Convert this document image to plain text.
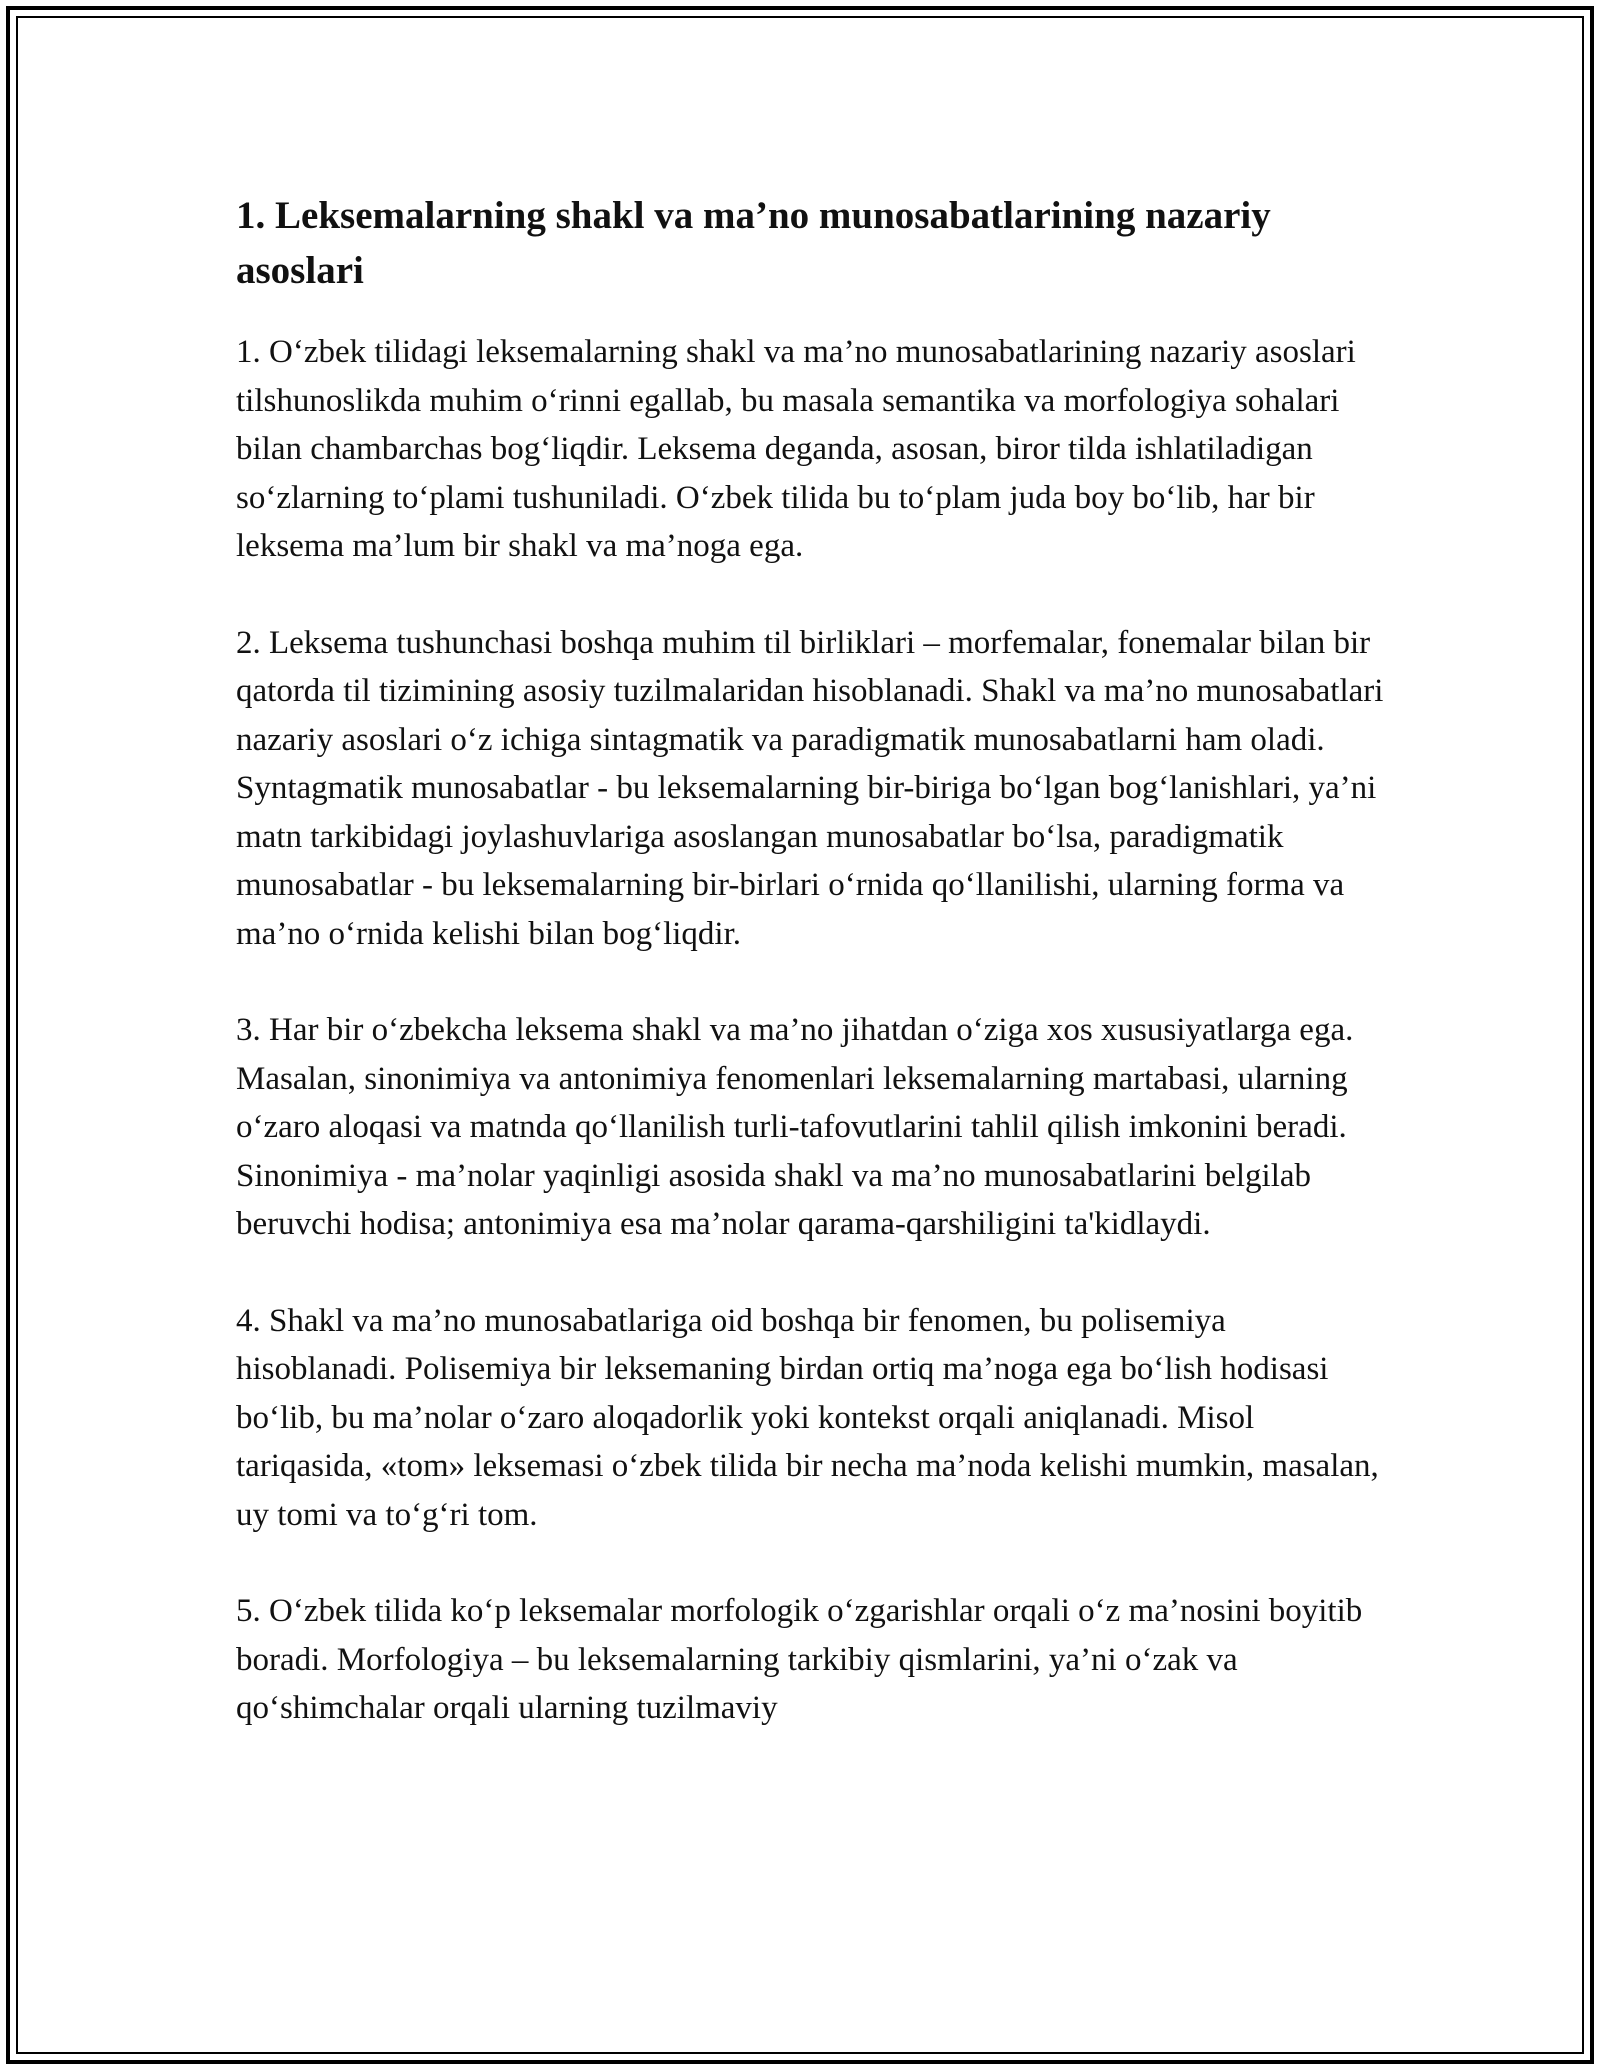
1. Leksemalarning shakl va ma’no munosabatlarining nazariy asoslari

1. O‘zbek tilidagi leksemalarning shakl va ma’no munosabatlarining nazariy asoslari tilshunoslikda muhim o‘rinni egallab, bu masala semantika va morfologiya sohalari bilan chambarchas bog‘liqdir. Leksema deganda, asosan, biror tilda ishlatiladigan so‘zlarning to‘plami tushuniladi. O‘zbek tilida bu to‘plam juda boy bo‘lib, har bir leksema ma’lum bir shakl va ma’noga ega.

2. Leksema tushunchasi boshqa muhim til birliklari – morfemalar, fonemalar bilan bir qatorda til tizimining asosiy tuzilmalaridan hisoblanadi. Shakl va ma’no munosabatlari nazariy asoslari o‘z ichiga sintagmatik va paradigmatik munosabatlarni ham oladi. Syntagmatik munosabatlar - bu leksemalarning bir-biriga bo‘lgan bog‘lanishlari, ya’ni matn tarkibidagi joylashuvlariga asoslangan munosabatlar bo‘lsa, paradigmatik munosabatlar - bu leksemalarning bir-birlari o‘rnida qo‘llanilishi, ularning forma va ma’no o‘rnida kelishi bilan bog‘liqdir.

3. Har bir o‘zbekcha leksema shakl va ma’no jihatdan o‘ziga xos xususiyatlarga ega. Masalan, sinonimiya va antonimiya fenomenlari leksemalarning martabasi, ularning o‘zaro aloqasi va matnda qo‘llanilish turli-tafovutlarini tahlil qilish imkonini beradi. Sinonimiya - ma’nolar yaqinligi asosida shakl va ma’no munosabatlarini belgilab beruvchi hodisa; antonimiya esa ma’nolar qarama-qarshiligini ta'kidlaydi.

4. Shakl va ma’no munosabatlariga oid boshqa bir fenomen, bu polisemiya hisoblanadi. Polisemiya bir leksemaning birdan ortiq ma’noga ega bo‘lish hodisasi bo‘lib, bu ma’nolar o‘zaro aloqadorlik yoki kontekst orqali aniqlanadi. Misol tariqasida, «tom» leksemasi o‘zbek tilida bir necha ma’noda kelishi mumkin, masalan, uy tomi va to‘g‘ri tom.

5. O‘zbek tilida ko‘p leksemalar morfologik o‘zgarishlar orqali o‘z ma’nosini boyitib boradi. Morfologiya – bu leksemalarning tarkibiy qismlarini, ya’ni o‘zak va qo‘shimchalar orqali ularning tuzilmaviy
